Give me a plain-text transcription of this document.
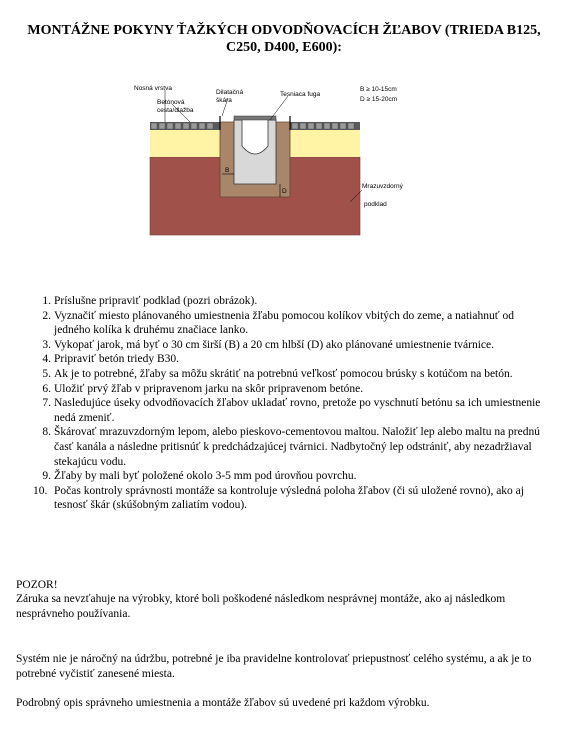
MONTÁŽNE POKYNY ŤAŽKÝCH ODVODŇOVACÍCH ŽĽABOV (TRIEDA B125, C250, D400, E600):
B
D
Nosná vrstva
Betónová
cesta/dlažba
Dilatačná
škára
Tesniaca fuga
B ≥ 10-15cm
D ≥ 15-20cm
Mrazuvzdorný
podklad
1. Príslušne pripraviť podklad (pozri obrázok).
2. Vyznačiť miesto plánovaného umiestnenia žľabu pomocou kolíkov vbitých do zeme, a natiahnuť od jedného kolíka k druhému značiace lanko.
3. Vykopať jarok, má byť o 30 cm širší (B) a 20 cm hlbší (D) ako plánované umiestnenie tvárnice.
4. Pripraviť betón triedy B30.
5. Ak je to potrebné, žľaby sa môžu skrátiť na potrebnú veľkosť pomocou brúsky s kotúčom na betón.
6. Uložiť prvý žľab v pripravenom jarku na skôr pripravenom betóne.
7. Nasledujúce úseky odvodňovacích žľabov ukladať rovno, pretože po vyschnutí betónu sa ich umiestnenie nedá zmeniť.
8. Škárovať mrazuvzdorným lepom, alebo pieskovo-cementovou maltou. Naložiť lep alebo maltu na prednú časť kanála a následne pritisnúť k predchádzajúcej tvárnici. Nadbytočný lep odstrániť, aby nezadržiaval stekajúcu vodu.
9. Žľaby by mali byť položené okolo 3-5 mm pod úrovňou povrchu.
10. Počas kontroly správnosti montáže sa kontroluje výsledná poloha žľabov (či sú uložené rovno), ako aj tesnosť škár (skúšobným zaliatím vodou).

POZOR!

Záruka sa nevzťahuje na výrobky, ktoré boli poškodené následkom nesprávnej montáže, ako aj následkom nesprávneho používania.

Systém nie je náročný na údržbu, potrebné je iba pravidelne kontrolovať priepustnosť celého systému, a ak je to potrebné vyčistiť zanesené miesta.

Podrobný opis správneho umiestnenia a montáže žľabov sú uvedené pri každom výrobku.
